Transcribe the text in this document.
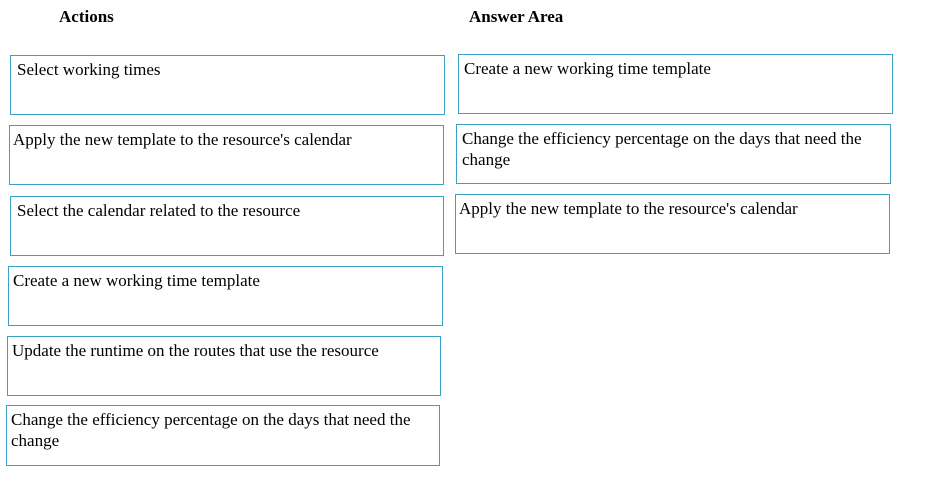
Actions	Answer Area
Select working times
Apply the new template to the resource's calendar
Select the calendar related to the resource
Create a new working time template
Update the runtime on the routes that use the resource
Change the efficiency percentage on the days that need the change
Create a new working time template
Change the efficiency percentage on the days that need the change
Apply the new template to the resource's calendar
